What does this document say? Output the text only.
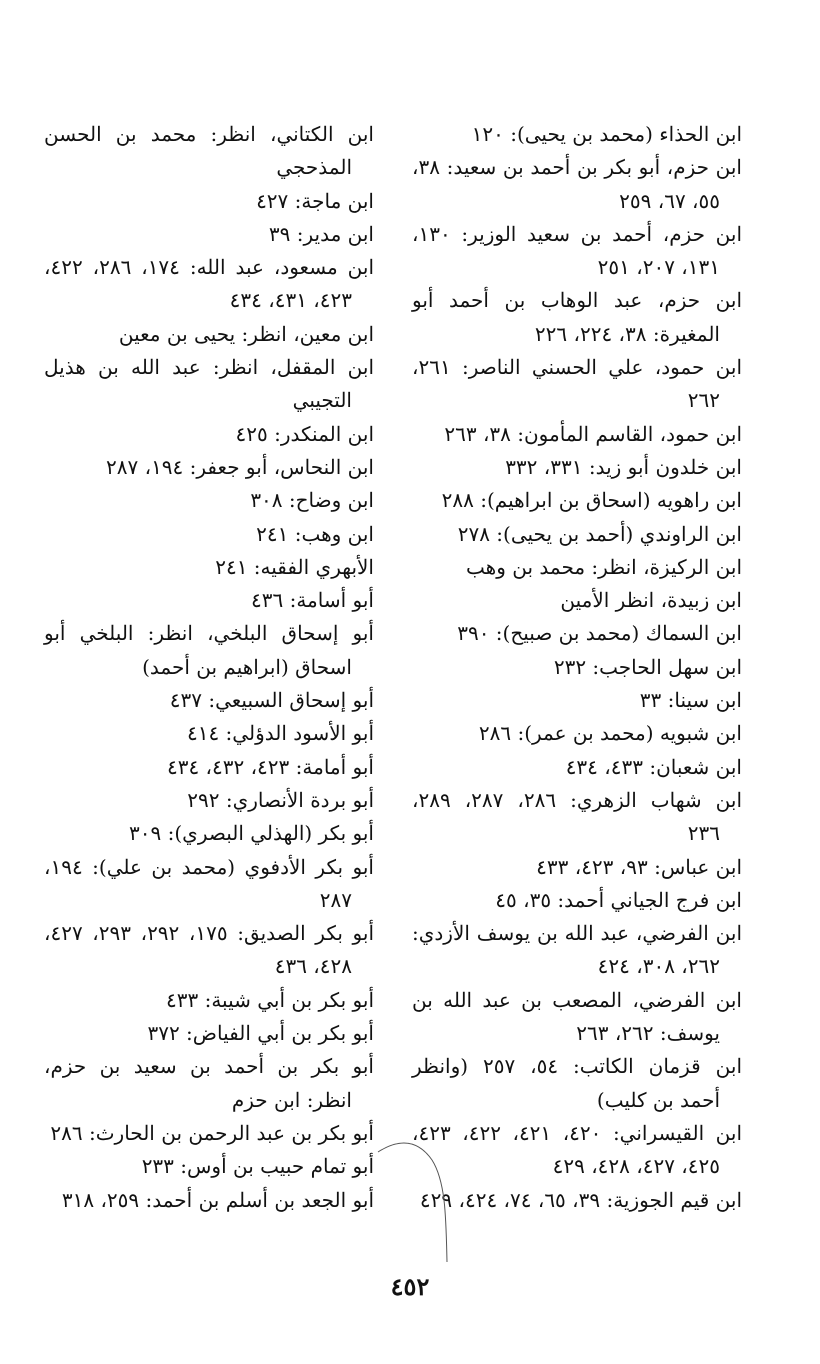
ابن الحذاء (محمد بن يحيى): ١٢٠
ابن حزم، أبو بكر بن أحمد بن سعيد: ٣٨، ٥٥، ٦٧، ٢٥٩
ابن حزم، أحمد بن سعيد الوزير: ١٣٠، ١٣١، ٢٠٧، ٢٥١
ابن حزم، عبد الوهاب بن أحمد أبو المغيرة: ٣٨، ٢٢٤، ٢٢٦
ابن حمود، علي الحسني الناصر: ٢٦١، ٢٦٢
ابن حمود، القاسم المأمون: ٣٨، ٢٦٣
ابن خلدون أبو زيد: ٣٣١، ٣٣٢
ابن راهويه (اسحاق بن ابراهيم): ٢٨٨
ابن الراوندي (أحمد بن يحيى): ٢٧٨
ابن الركيزة، انظر: محمد بن وهب
ابن زبيدة، انظر الأمين
ابن السماك (محمد بن صبيح): ٣٩٠
ابن سهل الحاجب: ٢٣٢
ابن سينا: ٣٣
ابن شبويه (محمد بن عمر): ٢٨٦
ابن شعبان: ٤٣٣، ٤٣٤
ابن شهاب الزهري: ٢٨٦، ٢٨٧، ٢٨٩، ٢٣٦
ابن عباس: ٩٣، ٤٢٣، ٤٣٣
ابن فرج الجياني أحمد: ٣٥، ٤٥
ابن الفرضي، عبد الله بن يوسف الأزدي: ٢٦٢، ٣٠٨، ٤٢٤
ابن الفرضي، المصعب بن عبد الله بن يوسف: ٢٦٢، ٢٦٣
ابن قزمان الكاتب: ٥٤، ٢٥٧ (وانظر أحمد بن كليب)
ابن القيسراني: ٤٢٠، ٤٢١، ٤٢٢، ٤٢٣، ٤٢٥، ٤٢٧، ٤٢٨، ٤٢٩
ابن قيم الجوزية: ٣٩، ٦٥، ٧٤، ٤٢٤، ٤٢٩
ابن الكتاني، انظر: محمد بن الحسن المذحجي
ابن ماجة: ٤٢٧
ابن مدير: ٣٩
ابن مسعود، عبد الله: ١٧٤، ٢٨٦، ٤٢٢، ٤٢٣، ٤٣١، ٤٣٤
ابن معين، انظر: يحيى بن معين
ابن المقفل، انظر: عبد الله بن هذيل التجيبي
ابن المنكدر: ٤٢٥
ابن النحاس، أبو جعفر: ١٩٤، ٢٨٧
ابن وضاح: ٣٠٨
ابن وهب: ٢٤١
الأبهري الفقيه: ٢٤١
أبو أسامة: ٤٣٦
أبو إسحاق البلخي، انظر: البلخي أبو اسحاق (ابراهيم بن أحمد)
أبو إسحاق السبيعي: ٤٣٧
أبو الأسود الدؤلي: ٤١٤
أبو أمامة: ٤٢٣، ٤٣٢، ٤٣٤
أبو بردة الأنصاري: ٢٩٢
أبو بكر (الهذلي البصري): ٣٠٩
أبو بكر الأدفوي (محمد بن علي): ١٩٤، ٢٨٧
أبو بكر الصديق: ١٧٥، ٢٩٢، ٢٩٣، ٤٢٧، ٤٢٨، ٤٣٦
أبو بكر بن أبي شيبة: ٤٣٣
أبو بكر بن أبي الفياض: ٣٧٢
أبو بكر بن أحمد بن سعيد بن حزم، انظر: ابن حزم
أبو بكر بن عبد الرحمن بن الحارث: ٢٨٦
أبو تمام حبيب بن أوس: ٢٣٣
أبو الجعد بن أسلم بن أحمد: ٢٥٩، ٣١٨
٤٥٢
